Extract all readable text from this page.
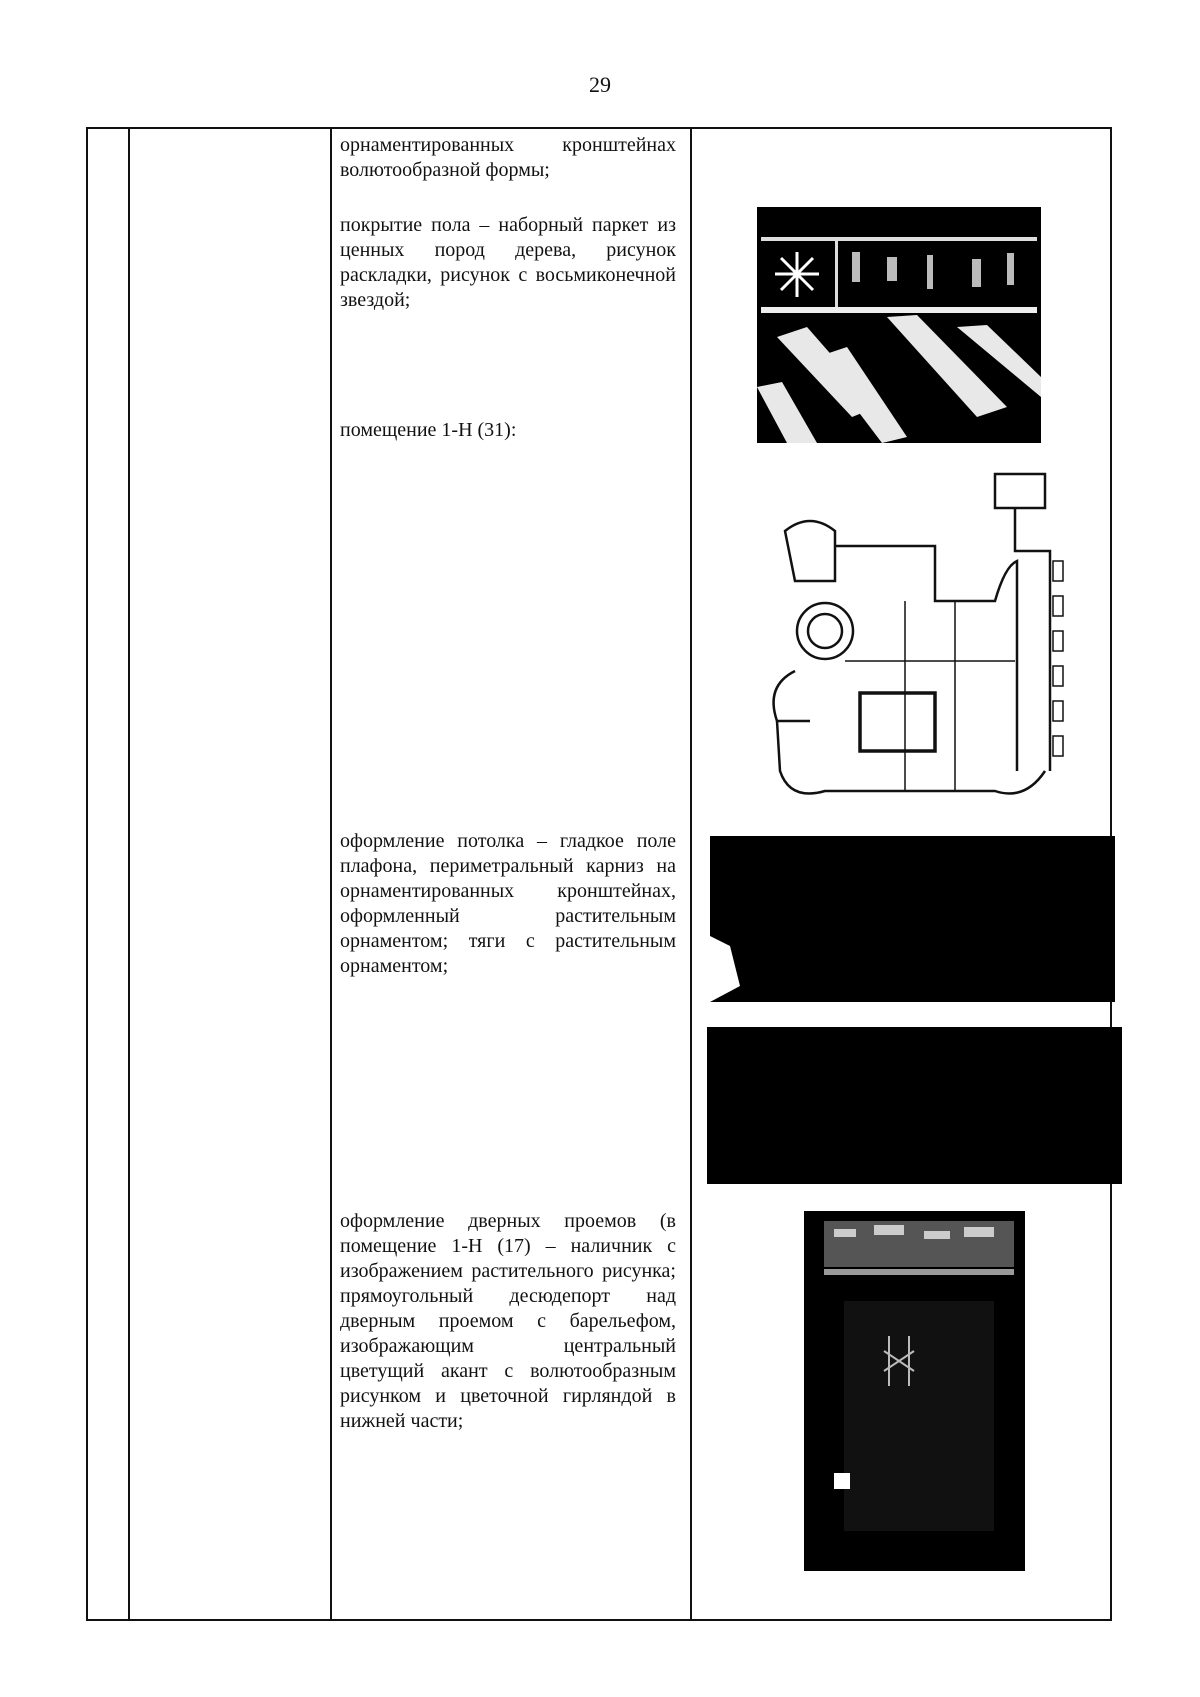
29

орнаментированных кронштейнах волютообразной формы;

покрытие пола – наборный паркет из ценных пород дерева, рисунок раскладки, рисунок с восьмиконечной звездой;

помещение 1-Н (31):

оформление потолка – гладкое поле плафона, периметральный карниз на орнаментированных кронштейнах, оформленный растительным орнаментом; тяги с растительным орнаментом;

оформление дверных проемов (в помещение 1-Н (17) – наличник с изображением растительного рисунка; прямоугольный десюдепорт над дверным проемом с барельефом, изображающим центральный цветущий акант с волютообразным рисунком и цветочной гирляндой в нижней части;
